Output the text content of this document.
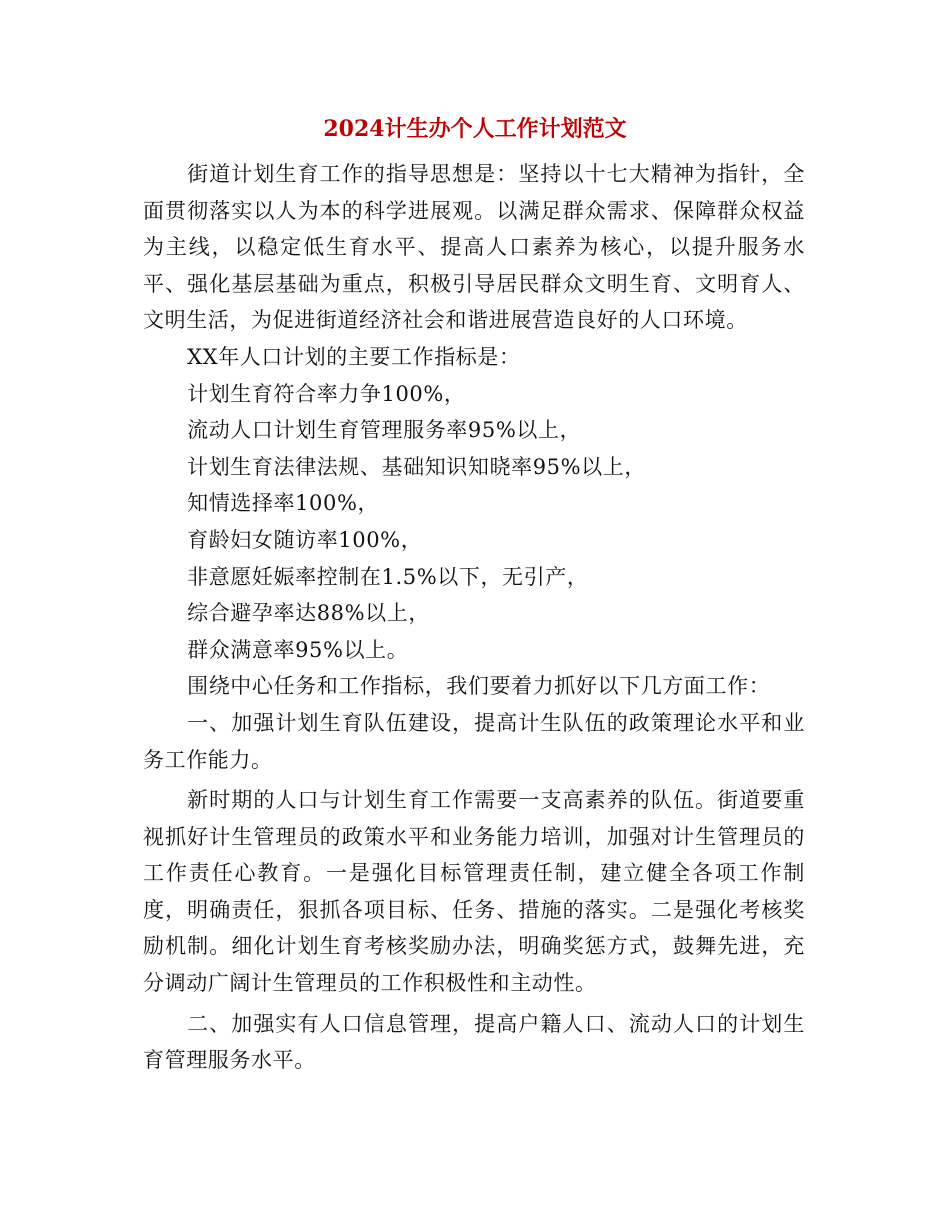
2024计生办个人工作计划范文

街道计划生育工作的指导思想是：坚持以十七大精神为指针，全面贯彻落实以人为本的科学进展观。以满足群众需求、保障群众权益为主线，以稳定低生育水平、提高人口素养为核心，以提升服务水平、强化基层基础为重点，积极引导居民群众文明生育、文明育人、文明生活，为促进街道经济社会和谐进展营造良好的人口环境。

XX年人口计划的主要工作指标是：

计划生育符合率力争100%，

流动人口计划生育管理服务率95%以上，

计划生育法律法规、基础知识知晓率95%以上，

知情选择率100%，

育龄妇女随访率100%，

非意愿妊娠率控制在1.5%以下，无引产，

综合避孕率达88%以上，

群众满意率95%以上。

围绕中心任务和工作指标，我们要着力抓好以下几方面工作：

一、加强计划生育队伍建设，提高计生队伍的政策理论水平和业务工作能力。

新时期的人口与计划生育工作需要一支高素养的队伍。街道要重视抓好计生管理员的政策水平和业务能力培训，加强对计生管理员的工作责任心教育。一是强化目标管理责任制，建立健全各项工作制度，明确责任，狠抓各项目标、任务、措施的落实。二是强化考核奖励机制。细化计划生育考核奖励办法，明确奖惩方式，鼓舞先进，充分调动广阔计生管理员的工作积极性和主动性。

二、加强实有人口信息管理，提高户籍人口、流动人口的计划生育管理服务水平。
